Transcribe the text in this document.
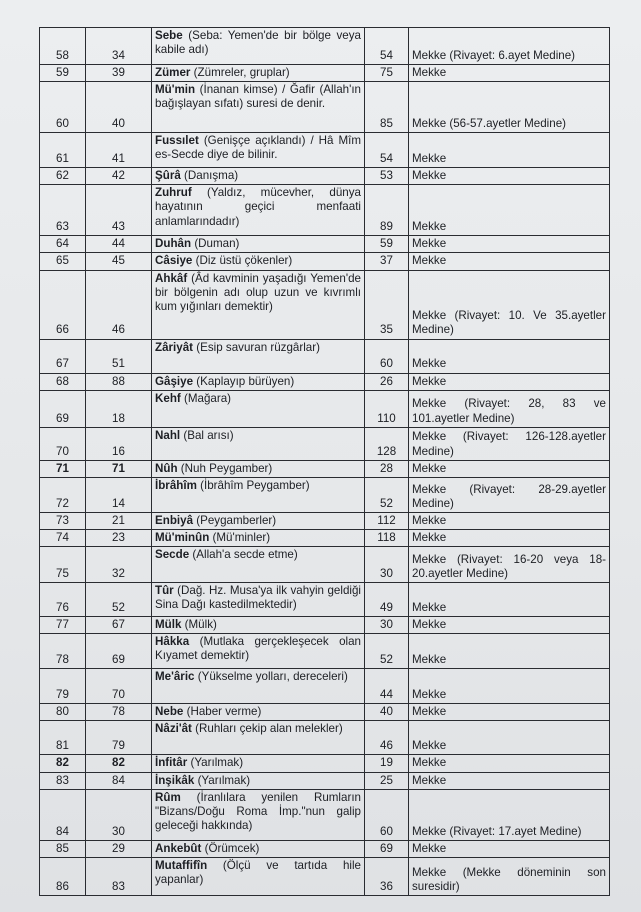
58	34	Sebe (Seba: Yemen'de bir bölge veya kabile adı)	54	Mekke (Rivayet: 6.ayet Medine)
59	39	Zümer (Zümreler, gruplar)	75	Mekke
60	40	Mü'min (İnanan kimse) / Ğafir (Allah'ın bağışlayan sıfatı) suresi de denir.	85	Mekke (56-57.ayetler Medine)
61	41	Fussılet (Genişçe açıklandı) / Hâ Mîm es-Secde diye de bilinir.	54	Mekke
62	42	Şûrâ (Danışma)	53	Mekke
63	43	Zuhruf (Yaldız, mücevher, dünya hayatının geçici menfaati anlamlarındadır)	89	Mekke
64	44	Duhân (Duman)	59	Mekke
65	45	Câsiye (Diz üstü çökenler)	37	Mekke
66	46	Ahkâf (Âd kavminin yaşadığı Yemen'de bir bölgenin adı olup uzun ve kıvrımlı kum yığınları demektir)	35	Mekke (Rivayet: 10. Ve 35.ayetler Medine)
67	51	Zâriyât (Esip savuran rüzgârlar)	60	Mekke
68	88	Gâşiye (Kaplayıp bürüyen)	26	Mekke
69	18	Kehf (Mağara)	110	Mekke (Rivayet: 28, 83 ve 101.ayetler Medine)
70	16	Nahl (Bal arısı)	128	Mekke (Rivayet: 126-128.ayetler Medine)
71	71	Nûh (Nuh Peygamber)	28	Mekke
72	14	İbrâhîm (İbrâhîm Peygamber)	52	Mekke (Rivayet: 28-29.ayetler Medine)
73	21	Enbiyâ (Peygamberler)	112	Mekke
74	23	Mü'minûn (Mü'minler)	118	Mekke
75	32	Secde (Allah'a secde etme)	30	Mekke (Rivayet: 16-20 veya 18-20.ayetler Medine)
76	52	Tûr (Dağ. Hz. Musa'ya ilk vahyin geldiği Sina Dağı kastedilmektedir)	49	Mekke
77	67	Mülk (Mülk)	30	Mekke
78	69	Hâkka (Mutlaka gerçekleşecek olan Kıyamet demektir)	52	Mekke
79	70	Me'âric (Yükselme yolları, dereceleri)	44	Mekke
80	78	Nebe (Haber verme)	40	Mekke
81	79	Nâzi'ât (Ruhları çekip alan melekler)	46	Mekke
82	82	İnfitâr (Yarılmak)	19	Mekke
83	84	İnşikâk (Yarılmak)	25	Mekke
84	30	Rûm (İranlılara yenilen Rumların "Bizans/Doğu Roma İmp."nun galip geleceği hakkında)	60	Mekke (Rivayet: 17.ayet Medine)
85	29	Ankebût (Örümcek)	69	Mekke
86	83	Mutaffifîn (Ölçü ve tartıda hile yapanlar)	36	Mekke (Mekke döneminin son suresidir)
